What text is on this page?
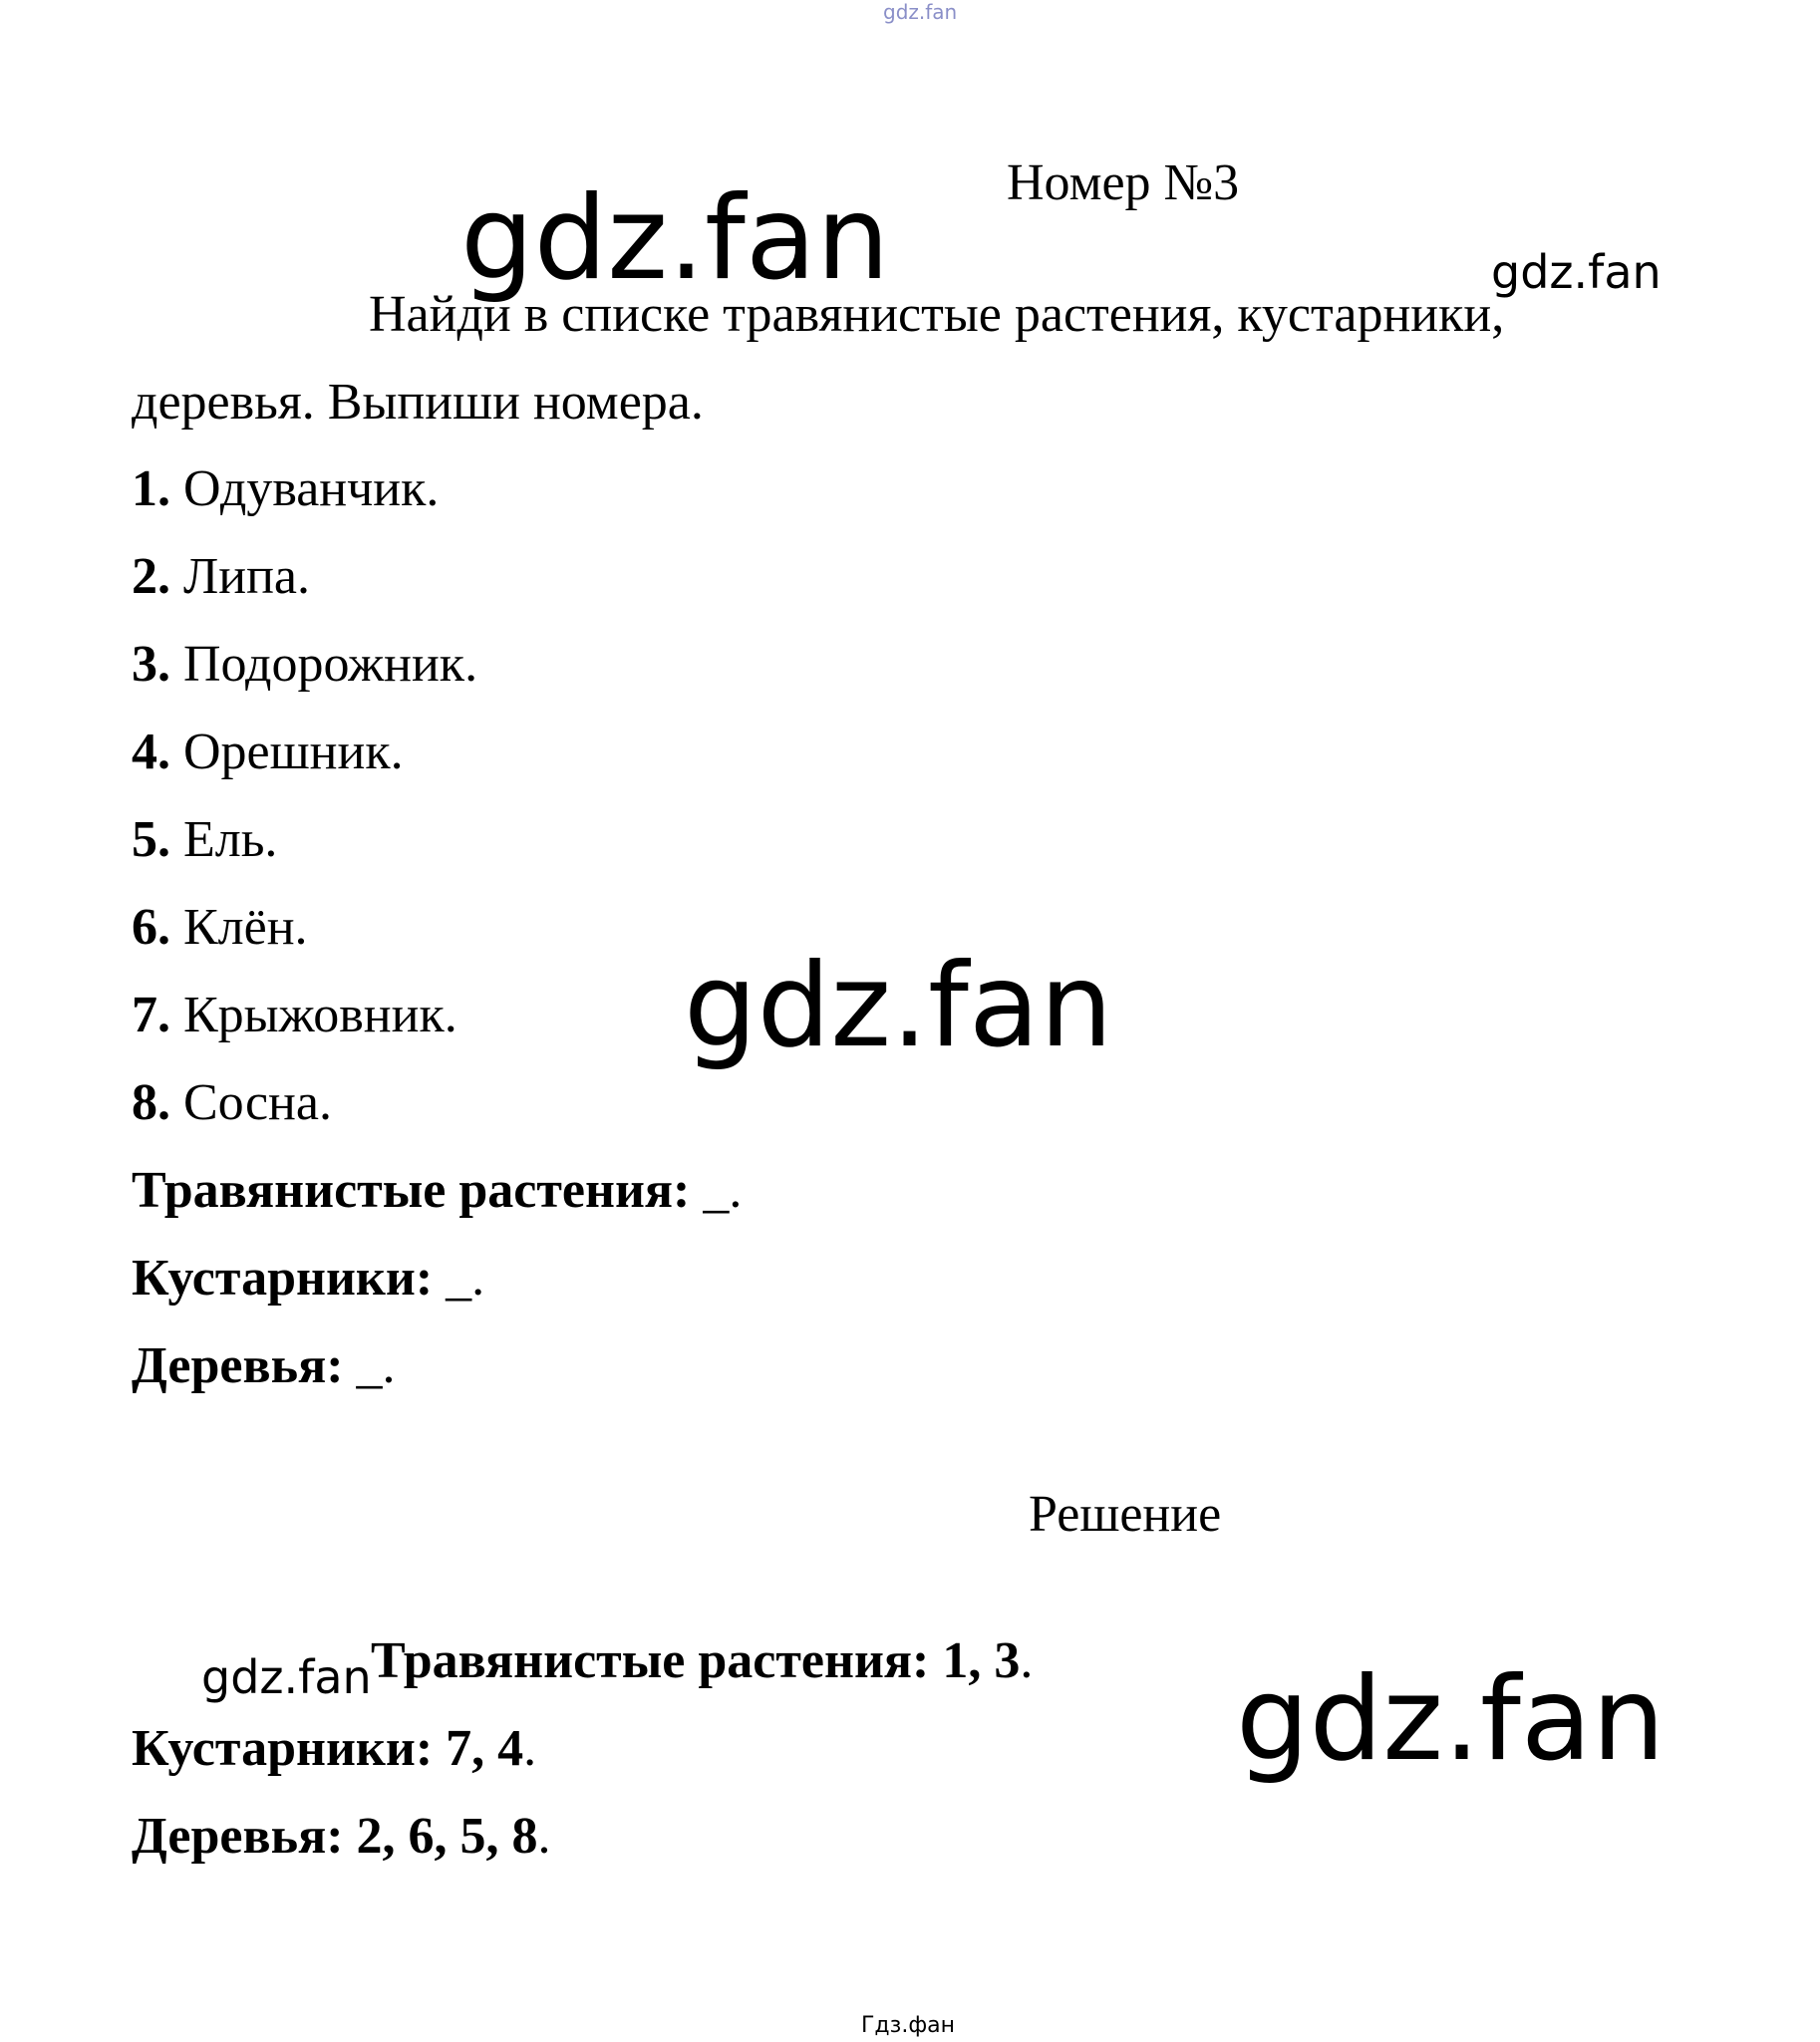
gdz.fan
Номер №3
Найди в списке травянистые растения, кустарники,
деревья. Выпиши номера.
1. Одуванчик.
2. Липа.
3. Подорожник.
4. Орешник.
5. Ель.
6. Клён.
7. Крыжовник.
8. Сосна.
Травянистые растения: _.
Кустарники: _.
Деревья: _.
Решение
Травянистые растения: 1, 3.
Кустарники: 7, 4.
Деревья: 2, 6, 5, 8.
gdz.fan	gdz.fan
gdz.fan
gdz.fan	gdz.fan
Гдз.фан
